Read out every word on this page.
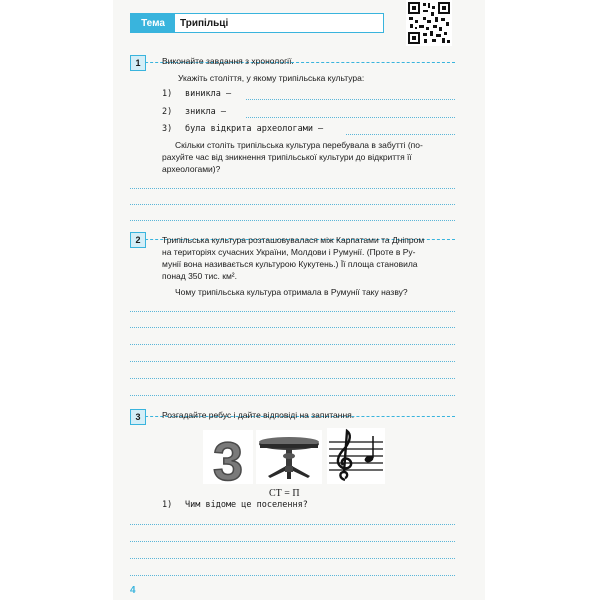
Тема	Трипільці
1	Виконайте завдання з хронології.
Укажіть століття, у якому трипільська культура:
1) виникла —
2) зникла —
3) була відкрита археологами —
Скільки століть трипільська культура перебувала в забутті (по-
рахуйте час від зникнення трипільської культури до відкриття її
археологами)?
2	Трипільська культура розташовувалася між Карпатами та Дніпром
на територіях сучасних України, Молдови і Румунії. (Проте в Ру-
мунії вона називається культурою Кукутень.) Її площа становила
понад 350 тис. км².
Чому трипільська культура отримала в Румунії таку назву?
3	Розгадайте ребус і дайте відповіді на запитання.
3
СТ = П
1) Чим відоме це поселення?
4
